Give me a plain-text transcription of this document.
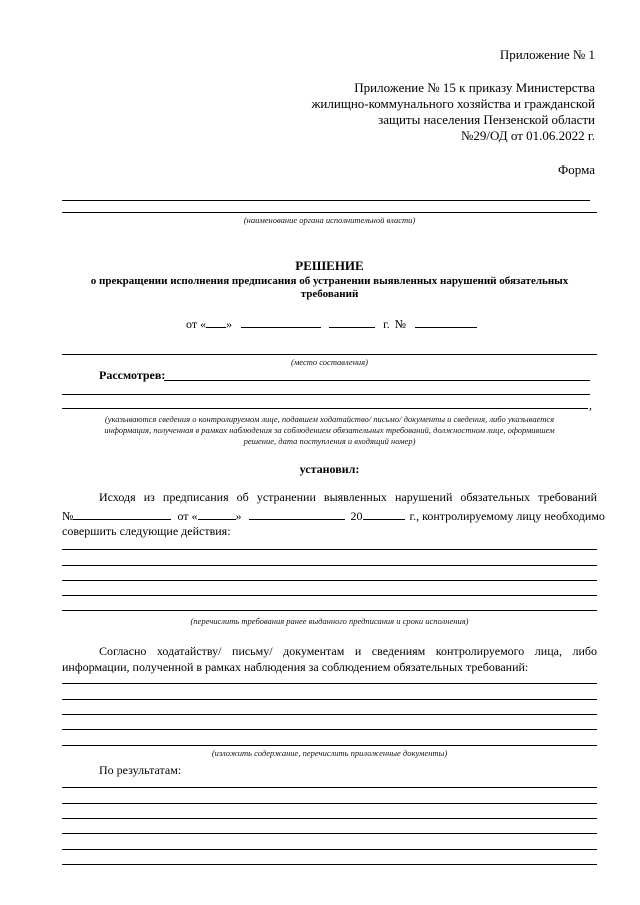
Приложение № 1
Приложение № 15 к приказу Министерства
жилищно-коммунального хозяйства и гражданской
защиты населения Пензенской области
№29/ОД от 01.06.2022 г.
Форма
(наименование органа исполнительной власти)
РЕШЕНИЕ
о прекращении исполнения предписания об устранении выявленных нарушений обязательных
требований
от « »	г. №
(место составления)
Рассмотрев:
,
(указываются сведения о контролируемом лице, подавшем ходатайство/ письмо/ документы и сведения, либо указывается
информация, полученная в рамках наблюдения за соблюдением обязательных требований, должностном лице, оформившем
решение, дата поступления и входящий номер)
установил:
Исходя из предписания об устранении выявленных нарушений обязательных требований
№	от «	»	20	г., контролируемому лицу необходимо
совершить следующие действия:
(перечислить требования ранее выданного предписания и сроки исполнения)
Согласно ходатайству/ письму/ документам и сведениям контролируемого лица, либо
информации, полученной в рамках наблюдения за соблюдением обязательных требований:
(изложить содержание, перечислить приложенные документы)
По результатам:
